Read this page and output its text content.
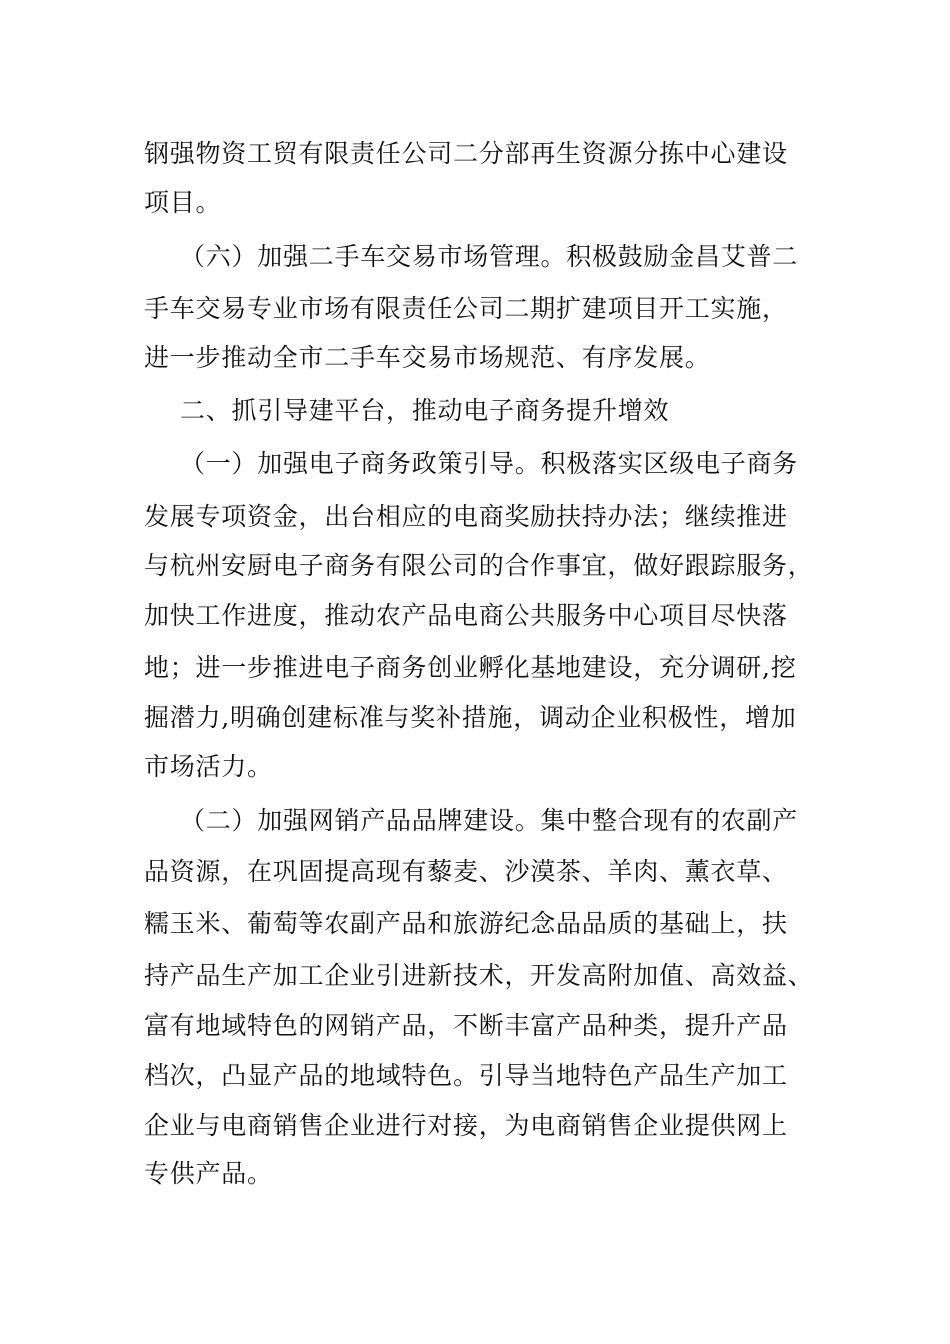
钢强物资工贸有限责任公司二分部再生资源分拣中心建设
项目。
（六）加强二手车交易市场管理。积极鼓励金昌艾普二
手车交易专业市场有限责任公司二期扩建项目开工实施，
进一步推动全市二手车交易市场规范、有序发展。
二、抓引导建平台，推动电子商务提升增效
（一）加强电子商务政策引导。积极落实区级电子商务
发展专项资金，出台相应的电商奖励扶持办法；继续推进
与杭州安厨电子商务有限公司的合作事宜，做好跟踪服务，
加快工作进度，推动农产品电商公共服务中心项目尽快落
地；进一步推进电子商务创业孵化基地建设，充分调研,挖
掘潜力,明确创建标准与奖补措施，调动企业积极性，增加
市场活力。
（二）加强网销产品品牌建设。集中整合现有的农副产
品资源，在巩固提高现有藜麦、沙漠茶、羊肉、薰衣草、
糯玉米、葡萄等农副产品和旅游纪念品品质的基础上，扶
持产品生产加工企业引进新技术，开发高附加值、高效益、
富有地域特色的网销产品，不断丰富产品种类，提升产品
档次，凸显产品的地域特色。引导当地特色产品生产加工
企业与电商销售企业进行对接，为电商销售企业提供网上
专供产品。
